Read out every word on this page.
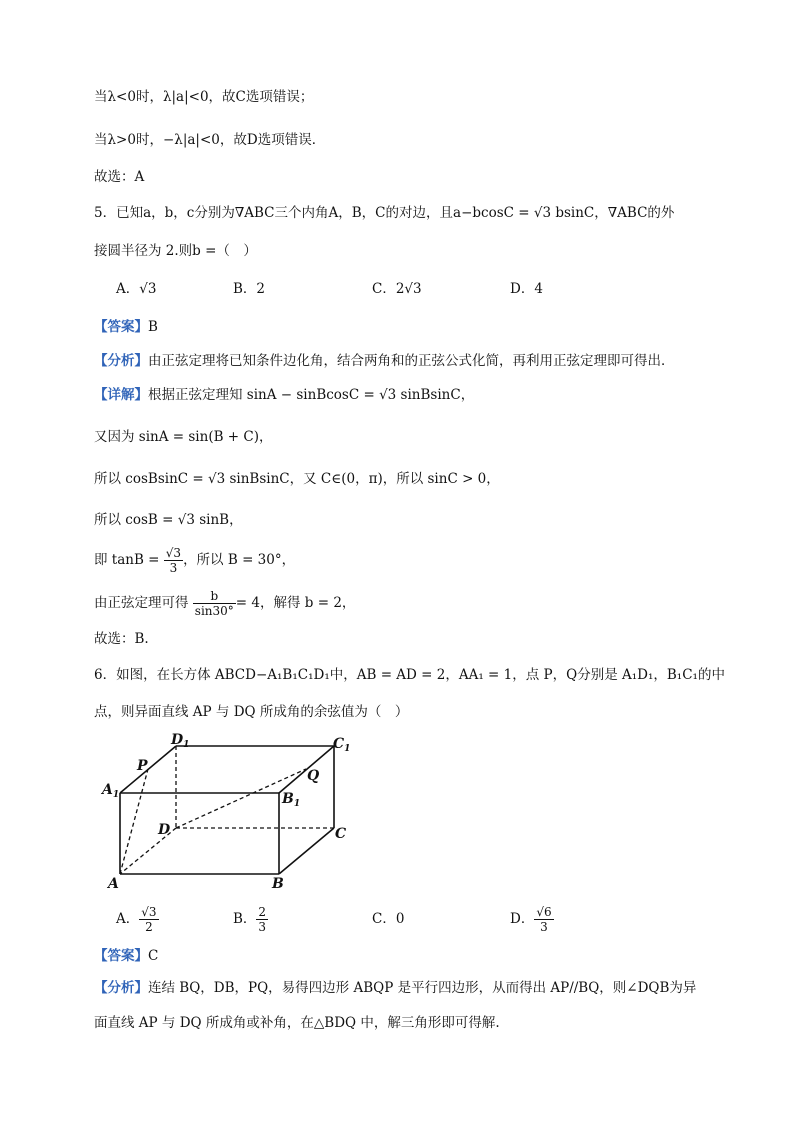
当λ<0时，λ|a|<0，故C选项错误；
当λ>0时，−λ|a|<0，故D选项错误．
故选：A
5．已知a，b，c分别为∇ABC三个内角A，B，C的对边，且a−bcosC = √3 bsinC，∇ABC的外
接圆半径为 2.则b =（　）
A．√3	B．2	C．2√3	D．4
【答案】B
【分析】由正弦定理将已知条件边化角，结合两角和的正弦公式化简，再利用正弦定理即可得出．
【详解】根据正弦定理知 sinA − sinBcosC = √3 sinBsinC，
又因为 sinA = sin(B + C)，
所以 cosBsinC = √3 sinBsinC，又 C∈(0，π)，所以 sinC > 0，
所以 cosB = √3 sinB，
即 $\tan B = \frac{√3}{3}$ ，所以 B = 30°，
由正弦定理可得 $\frac{b}{\sin 30^\circ} = 4$，解得 b = 2，
故选：B.
6．如图，在长方体 ABCD−A₁B₁C₁D₁中，AB = AD = 2，AA₁ = 1，点 P，Q分别是 A₁D₁，B₁C₁的中
点，则异面直线 AP 与 DQ 所成角的余弦值为（　）
$A_1$
$D_1$	$C_1$
$B_1$
P
Q
D	C
A	B
A． $\frac{√3}{2}$	B． $\frac{2}{3}$	C．0	D． $\frac{√6}{3}$
【答案】C
【分析】连结 BQ，DB，PQ，易得四边形 ABQP 是平行四边形，从而得出 AP//BQ，则∠DQB为异
面直线 AP 与 DQ 所成角或补角，在△BDQ 中，解三角形即可得解.
